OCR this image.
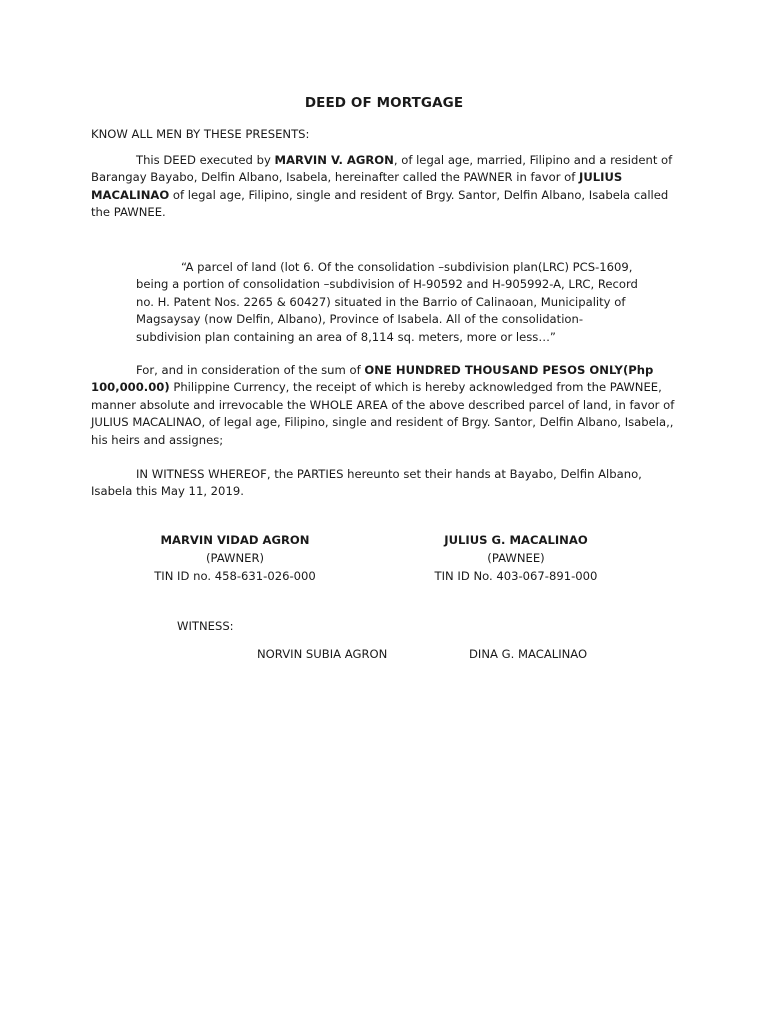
DEED OF MORTGAGE
KNOW ALL MEN BY THESE PRESENTS:
This DEED executed by MARVIN V. AGRON, of legal age, married, Filipino and a resident of Barangay Bayabo, Delfin Albano, Isabela, hereinafter called the PAWNER in favor of JULIUS MACALINAO of legal age, Filipino, single and resident of Brgy. Santor, Delfin Albano, Isabela called the PAWNEE.
“A parcel of land (lot 6. Of the consolidation –subdivision plan(LRC) PCS-1609, being a portion of consolidation –subdivision of H-90592 and H-905992-A, LRC, Record no. H. Patent Nos. 2265 & 60427) situated in the Barrio of Calinaoan, Municipality of Magsaysay (now Delfin, Albano), Province of Isabela. All of the consolidation-subdivision plan containing an area of 8,114 sq. meters, more or less…”
For, and in consideration of the sum of ONE HUNDRED THOUSAND PESOS ONLY(Php 100,000.00) Philippine Currency, the receipt of which is hereby acknowledged from the PAWNEE, manner absolute and irrevocable the WHOLE AREA of the above described parcel of land, in favor of JULIUS MACALINAO, of legal age, Filipino, single and resident of Brgy. Santor, Delfin Albano, Isabela,, his heirs and assignes;
IN WITNESS WHEREOF, the PARTIES hereunto set their hands at Bayabo, Delfin Albano, Isabela this May 11, 2019.
MARVIN VIDAD AGRON
(PAWNER)
TIN ID no. 458-631-026-000
JULIUS G. MACALINAO
(PAWNEE)
TIN ID No. 403-067-891-000
WITNESS:
NORVIN SUBIA AGRON	DINA G. MACALINAO
